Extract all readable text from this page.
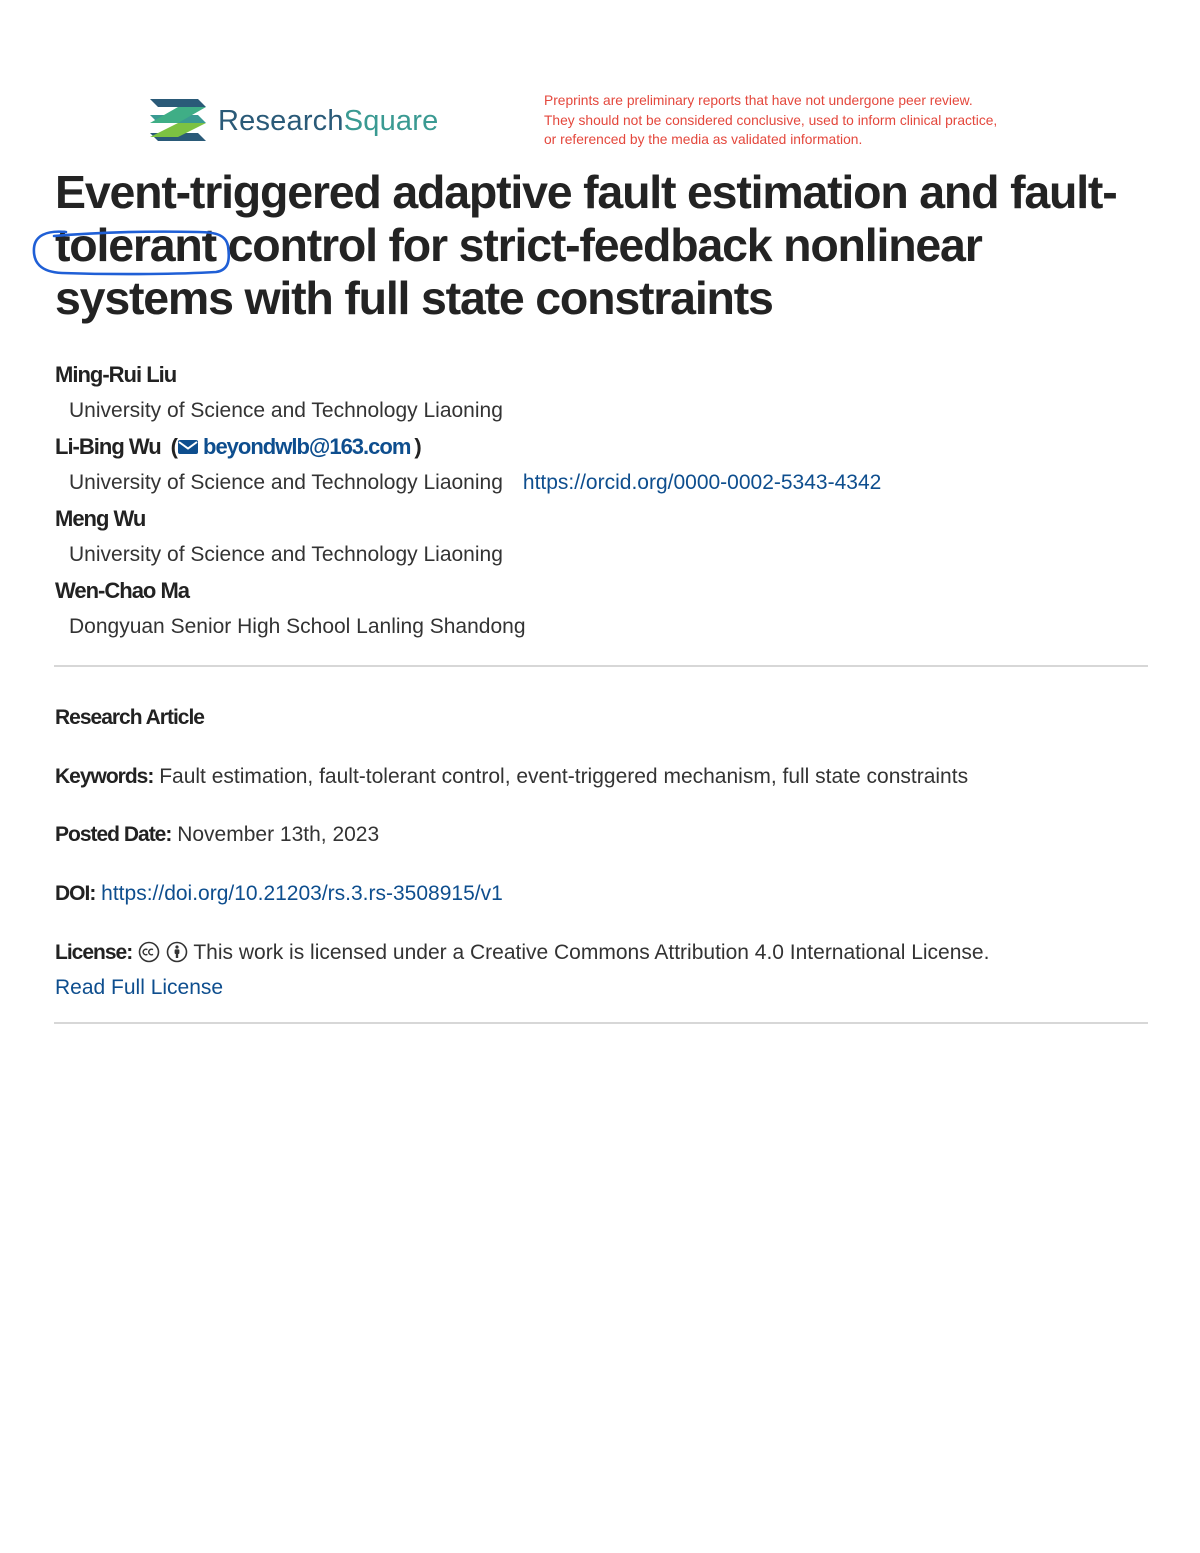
ResearchSquare
Preprints are preliminary reports that have not undergone peer review.
They should not be considered conclusive, used to inform clinical practice,
or referenced by the media as validated information.
Event-triggered adaptive fault estimation and fault-
tolerant control for strict-feedback nonlinear
systems with full state constraints
Ming-Rui Liu
University of Science and Technology Liaoning
Li-Bing Wu ( beyondwlb@163.com )
University of Science and Technology Liaoning https://orcid.org/0000-0002-5343-4342
Meng Wu
University of Science and Technology Liaoning
Wen-Chao Ma
Dongyuan Senior High School Lanling Shandong
Research Article
Keywords: Fault estimation, fault-tolerant control, event-triggered mechanism, full state constraints
Posted Date: November 13th, 2023
DOI: https://doi.org/10.21203/rs.3.rs-3508915/v1
License:	This work is licensed under a Creative Commons Attribution 4.0 International License.
Read Full License
